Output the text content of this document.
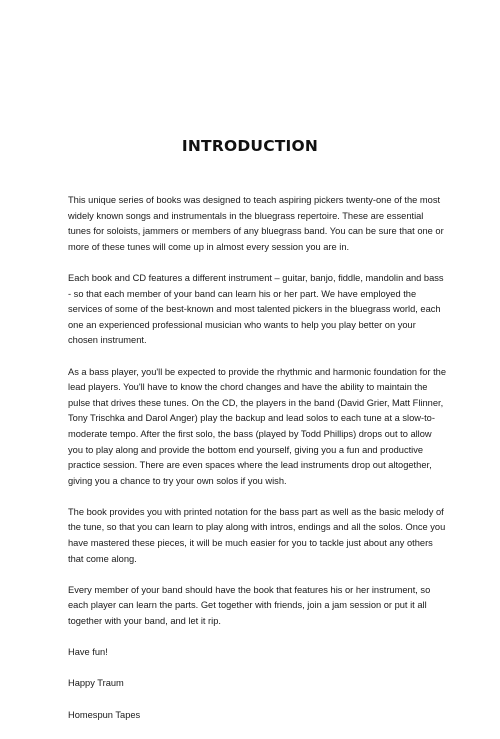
INTRODUCTION

This unique series of books was designed to teach aspiring pickers twenty-one of the most widely known songs and instrumentals in the bluegrass repertoire. These are essential tunes for soloists, jammers or members of any bluegrass band. You can be sure that one or more of these tunes will come up in almost every session you are in.

Each book and CD features a different instrument – guitar, banjo, fiddle, mandolin and bass - so that each member of your band can learn his or her part. We have employed the services of some of the best-known and most talented pickers in the bluegrass world, each one an experienced professional musician who wants to help you play better on your chosen instrument.

As a bass player, you'll be expected to provide the rhythmic and harmonic foundation for the lead players. You'll have to know the chord changes and have the ability to maintain the pulse that drives these tunes. On the CD, the players in the band (David Grier, Matt Flinner, Tony Trischka and Darol Anger) play the backup and lead solos to each tune at a slow-to-moderate tempo. After the first solo, the bass (played by Todd Phillips) drops out to allow you to play along and provide the bottom end yourself, giving you a fun and productive practice session. There are even spaces where the lead instruments drop out altogether, giving you a chance to try your own solos if you wish.

The book provides you with printed notation for the bass part as well as the basic melody of the tune, so that you can learn to play along with intros, endings and all the solos. Once you have mastered these pieces, it will be much easier for you to tackle just about any others that come along.

Every member of your band should have the book that features his or her instrument, so each player can learn the parts. Get together with friends, join a jam session or put it all together with your band, and let it rip.

Have fun!

Happy Traum

Homespun Tapes
